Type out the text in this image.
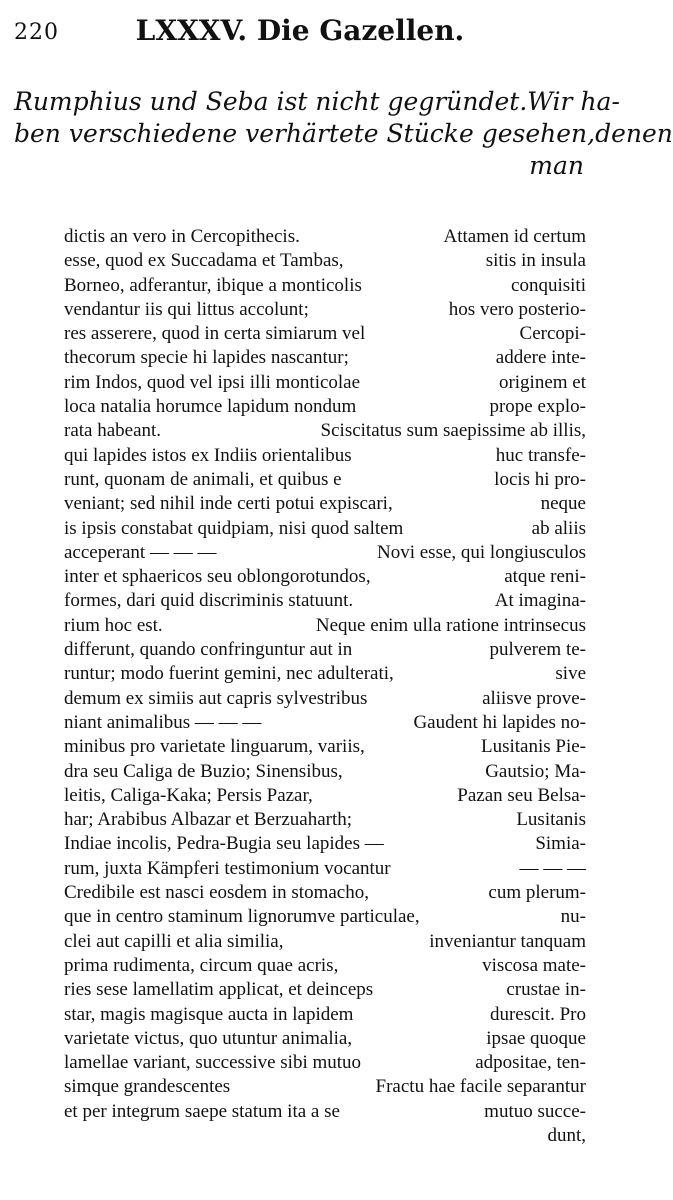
220	LXXXV. Die Gazellen.
Rumphius und Seba ist nicht gegründet. Wir ha-
ben verschiedene verhärtete Stücke gesehen, denen
man
dictis an vero in Cercopithecis.	Attamen id certum
esse, quod ex Succadama et Tambas,	sitis in insula
Borneo, adferantur, ibique a monticolis	conquisiti
vendantur iis qui littus accolunt;	hos vero posterio-
res asserere, quod in certa simiarum vel	Cercopi-
thecorum specie hi lapides nascantur;	addere inte-
rim Indos, quod vel ipsi illi monticolae	originem et
loca natalia horumce lapidum nondum	prope explo-
rata habeant.	Sciscitatus sum saepissime ab illis,
qui lapides istos ex Indiis orientalibus	huc transfe-
runt, quonam de animali, et quibus e	locis hi pro-
veniant; sed nihil inde certi potui expiscari,	neque
is ipsis constabat quidpiam, nisi quod saltem	ab aliis
acceperant — — —	Novi esse, qui longiusculos
inter et sphaericos seu oblongorotundos,	atque reni-
formes, dari quid discriminis statuunt.	At imagina-
rium hoc est.	Neque enim ulla ratione intrinsecus
differunt, quando confringuntur aut in	pulverem te-
runtur; modo fuerint gemini, nec adulterati,	sive
demum ex simiis aut capris sylvestribus	aliisve prove-
niant animalibus — — —	Gaudent hi lapides no-
minibus pro varietate linguarum, variis,	Lusitanis Pie-
dra seu Caliga de Buzio; Sinensibus,	Gautsio; Ma-
leitis, Caliga-Kaka; Persis Pazar,	Pazan seu Belsa-
har; Arabibus Albazar et Berzuaharth;	Lusitanis
Indiae incolis, Pedra-Bugia seu lapides —	Simia-
rum, juxta Kämpferi testimonium vocantur	— — —
Credibile est nasci eosdem in stomacho,	cum plerum-
que in centro staminum lignorumve particulae,	nu-
clei aut capilli et alia similia,	inveniantur tanquam
prima rudimenta, circum quae acris,	viscosa mate-
ries sese lamellatim applicat, et deinceps	crustae in-
star, magis magisque aucta in lapidem	durescit. Pro
varietate victus, quo utuntur animalia,	ipsae quoque
lamellae variant, successive sibi mutuo	adpositae, ten-
simque grandescentes	Fractu hae facile separantur
et per integrum saepe statum ita a se	mutuo succe-
dunt,
